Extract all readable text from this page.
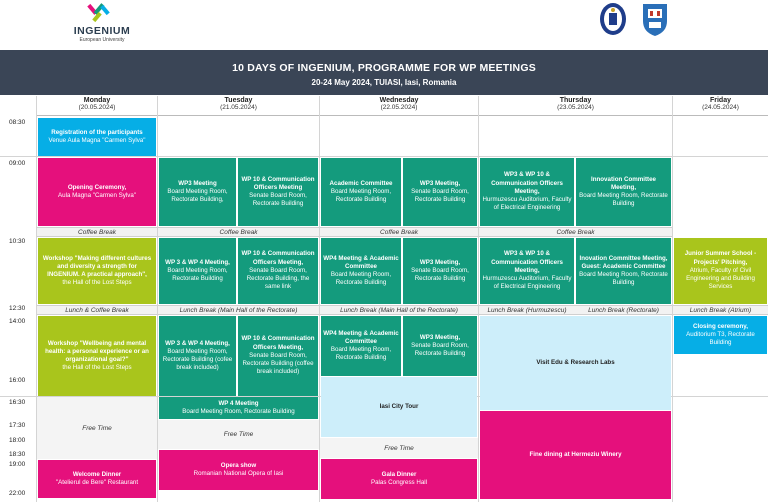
INGENIUM
European University
10 DAYS OF INGENIUM, PROGRAMME FOR WP MEETINGS
20-24 May 2024, TUIASI, Iasi, Romania
Monday
(20.05.2024)
Tuesday
(21.05.2024)
Wednesday
(22.05.2024)
Thursday
(23.05.2024)
Friday
(24.05.2024)
08:30
09:00
10:30
12:30
14:00
16:00
16:30
17:30
18:00
18:30
19:00
22:00
Registration of the participants
Venue Aula Magna "Carmen Sylva"
Opening Ceremony,
Aula Magna "Carmen Sylva"
Coffee Break
Workshop "Making different cultures and diversity a strength for INGENIUM. A practical approach",
the Hall of the Lost Steps
Lunch & Coffee Break
Workshop "Wellbeing and mental health: a personal experience or an organizational goal?"
the Hall of the Lost Steps
Free Time
Welcome Dinner
"Atelierul de Bere" Restaurant
WP3 Meeting
Board Meeting Room, Rectorate Building,
WP 10 & Communication Officers Meeting
Senate Board Room, Rectorate Building
Coffee Break
WP 3 & WP 4 Meeting,
Board Meeting Room, Rectorate Building
WP 10 & Communication Officers Meeting,
Senate Board Room, Rectorate Building, the same link
Lunch Break (Main Hall of the Rectorate)
WP 3 & WP 4 Meeting,
Board Meeting Room, Rectorate Building (cofee break included)
WP 10 & Communication Officers Meeting,
Senate Board Room, Rectorate Building (coffee break included)
WP 4 Meeting
Board Meeting Room, Rectorate Building
Free Time
Opera show
Romanian National Opera of Iasi
Academic Committee
Board Meeting Room, Rectorate Building
WP3 Meeting,
Senate Board Room, Rectorate Building
Coffee Break
WP4 Meeting & Academic Committee
Board Meeting Room, Rectorate Building
WP3 Meeting,
Senate Board Room, Rectorate Building
Lunch Break (Main Hall of the Rectorate)
WP4 Meeting & Academic Committee
Board Meeting Room, Rectorate Building
WP3 Meeting,
Senate Board Room, Rectorate Building
Iasi City Tour
Free Time
Gala Dinner
Palas Congress Hall
WP3 & WP 10 & Communication Officers Meeting,
Hurmuzescu Auditorium, Faculty of Electrical Engineering
Innovation Committee Meeting,
Board Meeting Room, Rectorate Building
Coffee Break
WP3 & WP 10 & Communication Officers Meeting,
Hurmuzescu Auditorium, Faculty of Electrical Engineering
Inovation Committee Meeting, Guest: Academic Committee
Board Meeting Room, Rectorate Building
Lunch Break (Hurmuzescu)	Lunch Break (Rectorate)
Visit Edu & Research Labs
Fine dining at Hermeziu Winery
Junior Summer School - Projects' Pitching,
Atrium, Faculty of Civil Engineering and Building Services
Lunch Break (Atrium)
Closing ceremony,
Auditorium T3, Rectorate Building
